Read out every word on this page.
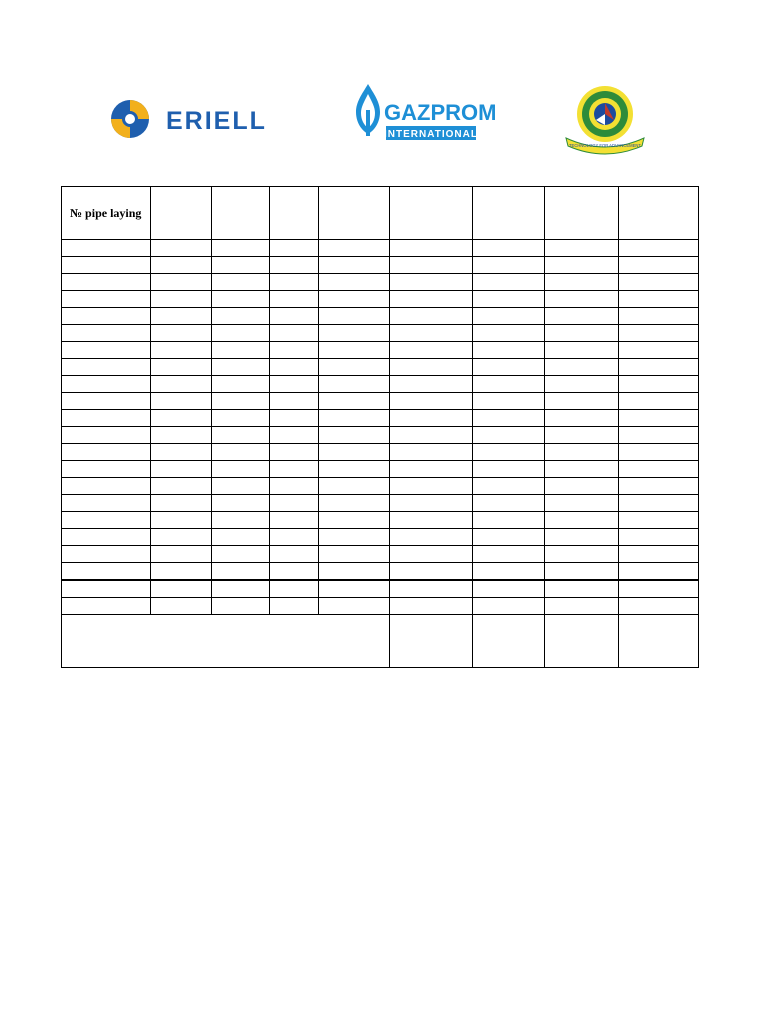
ERIELL	GAZPROM
INTERNATIONAL
TECHNOLOGY FOR ADVANCEMENT
№ pipe laying								
